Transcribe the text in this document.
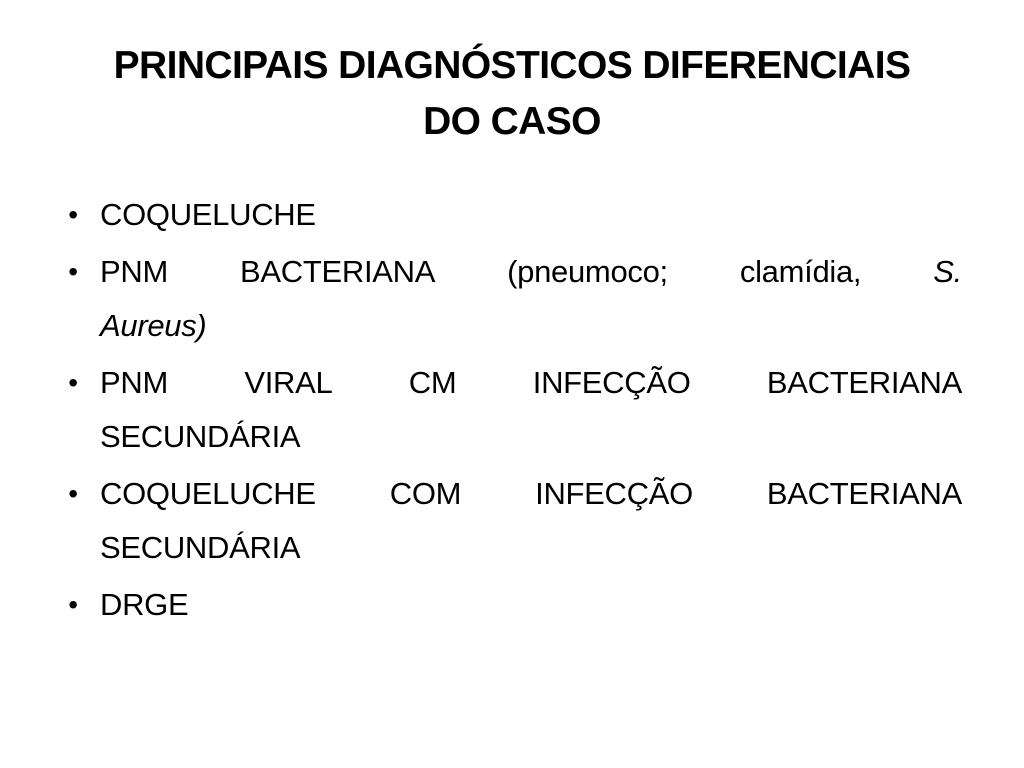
PRINCIPAIS DIAGNÓSTICOS DIFERENCIAIS
DO CASO
• COQUELUCHE
• PNM BACTERIANA (pneumoco; clamídia, S.
Aureus)
• PNM VIRAL CM INFECÇÃO BACTERIANA
SECUNDÁRIA
• COQUELUCHE COM INFECÇÃO BACTERIANA
SECUNDÁRIA
• DRGE
